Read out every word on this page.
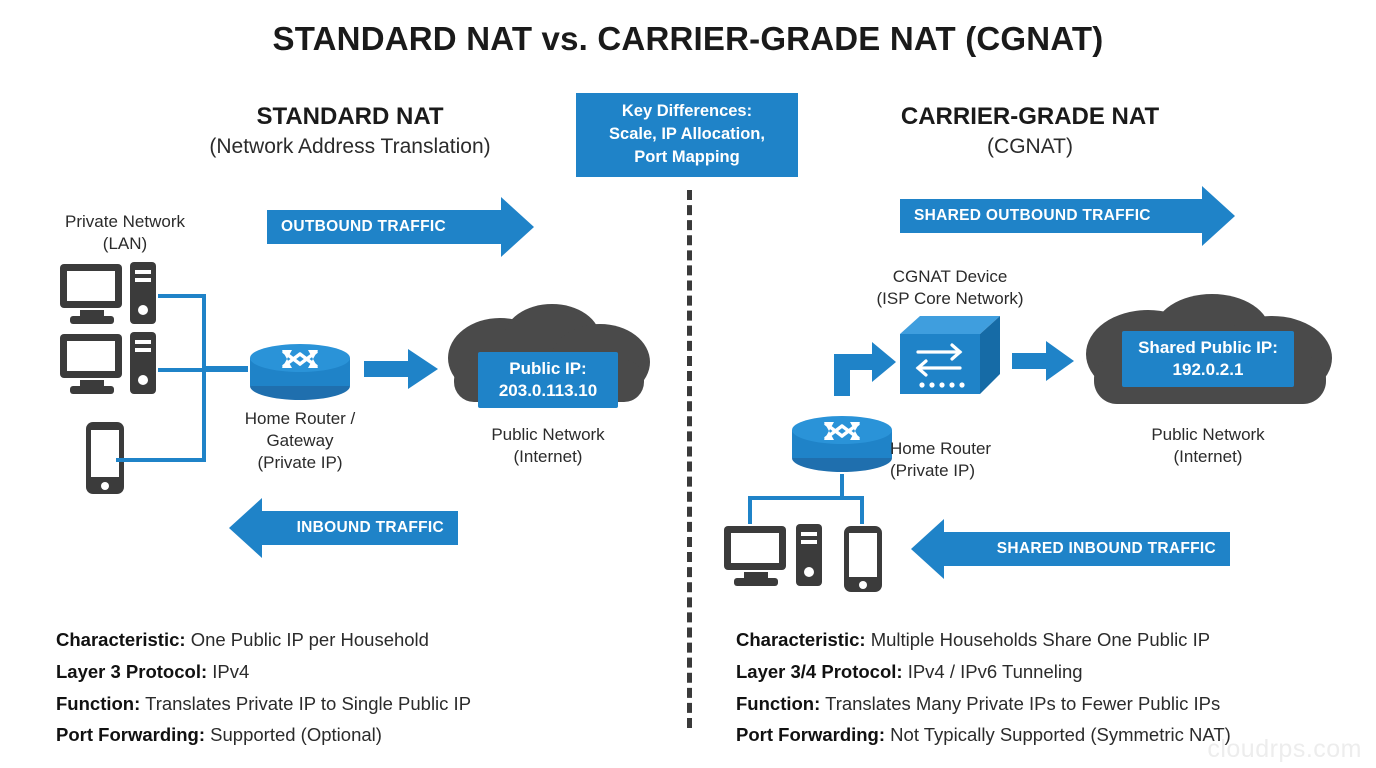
STANDARD NAT vs. CARRIER-GRADE NAT (CGNAT)
STANDARD NAT
(Network Address Translation)
CARRIER-GRADE NAT
(CGNAT)
Key Differences:
Scale, IP Allocation,
Port Mapping
Private Network
(LAN)
OUTBOUND TRAFFIC
INBOUND TRAFFIC
Home Router /
Gateway
(Private IP)
Public IP:
203.0.113.10
Public Network
(Internet)
Characteristic: One Public IP per Household
Layer 3 Protocol: IPv4
Function: Translates Private IP to Single Public IP
Port Forwarding: Supported (Optional)
SHARED OUTBOUND TRAFFIC
SHARED INBOUND TRAFFIC
CGNAT Device
(ISP Core Network)
Shared Public IP:
192.0.2.1
Public Network
(Internet)
Home Router
(Private IP)
Characteristic: Multiple Households Share One Public IP
Layer 3/4 Protocol: IPv4 / IPv6 Tunneling
Function: Translates Many Private IPs to Fewer Public IPs
Port Forwarding: Not Typically Supported (Symmetric NAT)
cloudrps.com
